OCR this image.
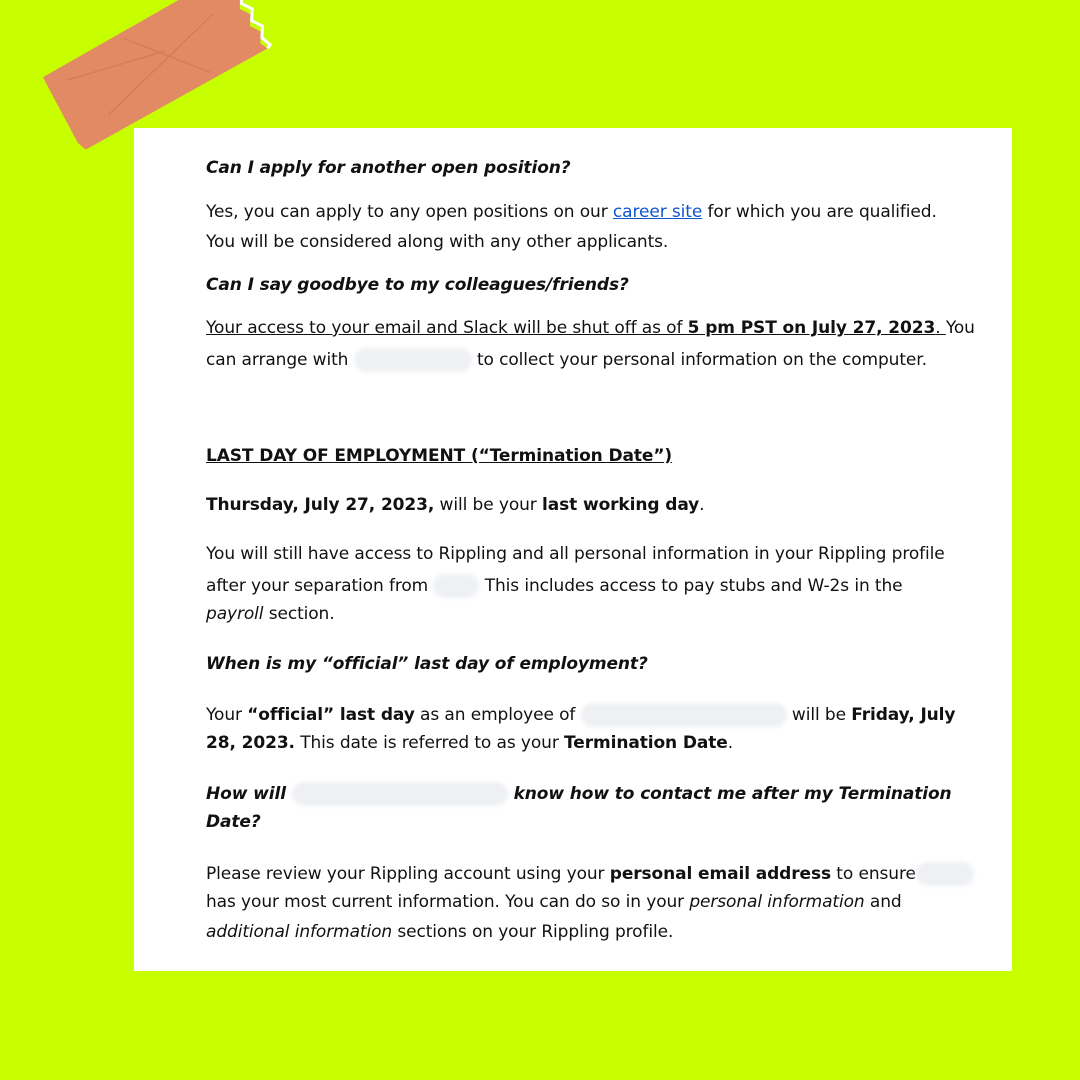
Can I apply for another open position?
Yes, you can apply to any open positions on our career site for which you are qualified.
You will be considered along with any other applicants.
Can I say goodbye to my colleagues/friends?
Your access to your email and Slack will be shut off as of 5 pm PST on July 27, 2023. You
can arrange with	to collect your personal information on the computer.
LAST DAY OF EMPLOYMENT (“Termination Date”)
Thursday, July 27, 2023, will be your last working day.
You will still have access to Rippling and all personal information in your Rippling profile
after your separation from	This includes access to pay stubs and W-2s in the
payroll section.
When is my “official” last day of employment?
Your “official” last day as an employee of	will be Friday, July
28, 2023. This date is referred to as your Termination Date.
How will	know how to contact me after my Termination
Date?
Please review your Rippling account using your personal email address to ensure
has your most current information. You can do so in your personal information and
additional information sections on your Rippling profile.
